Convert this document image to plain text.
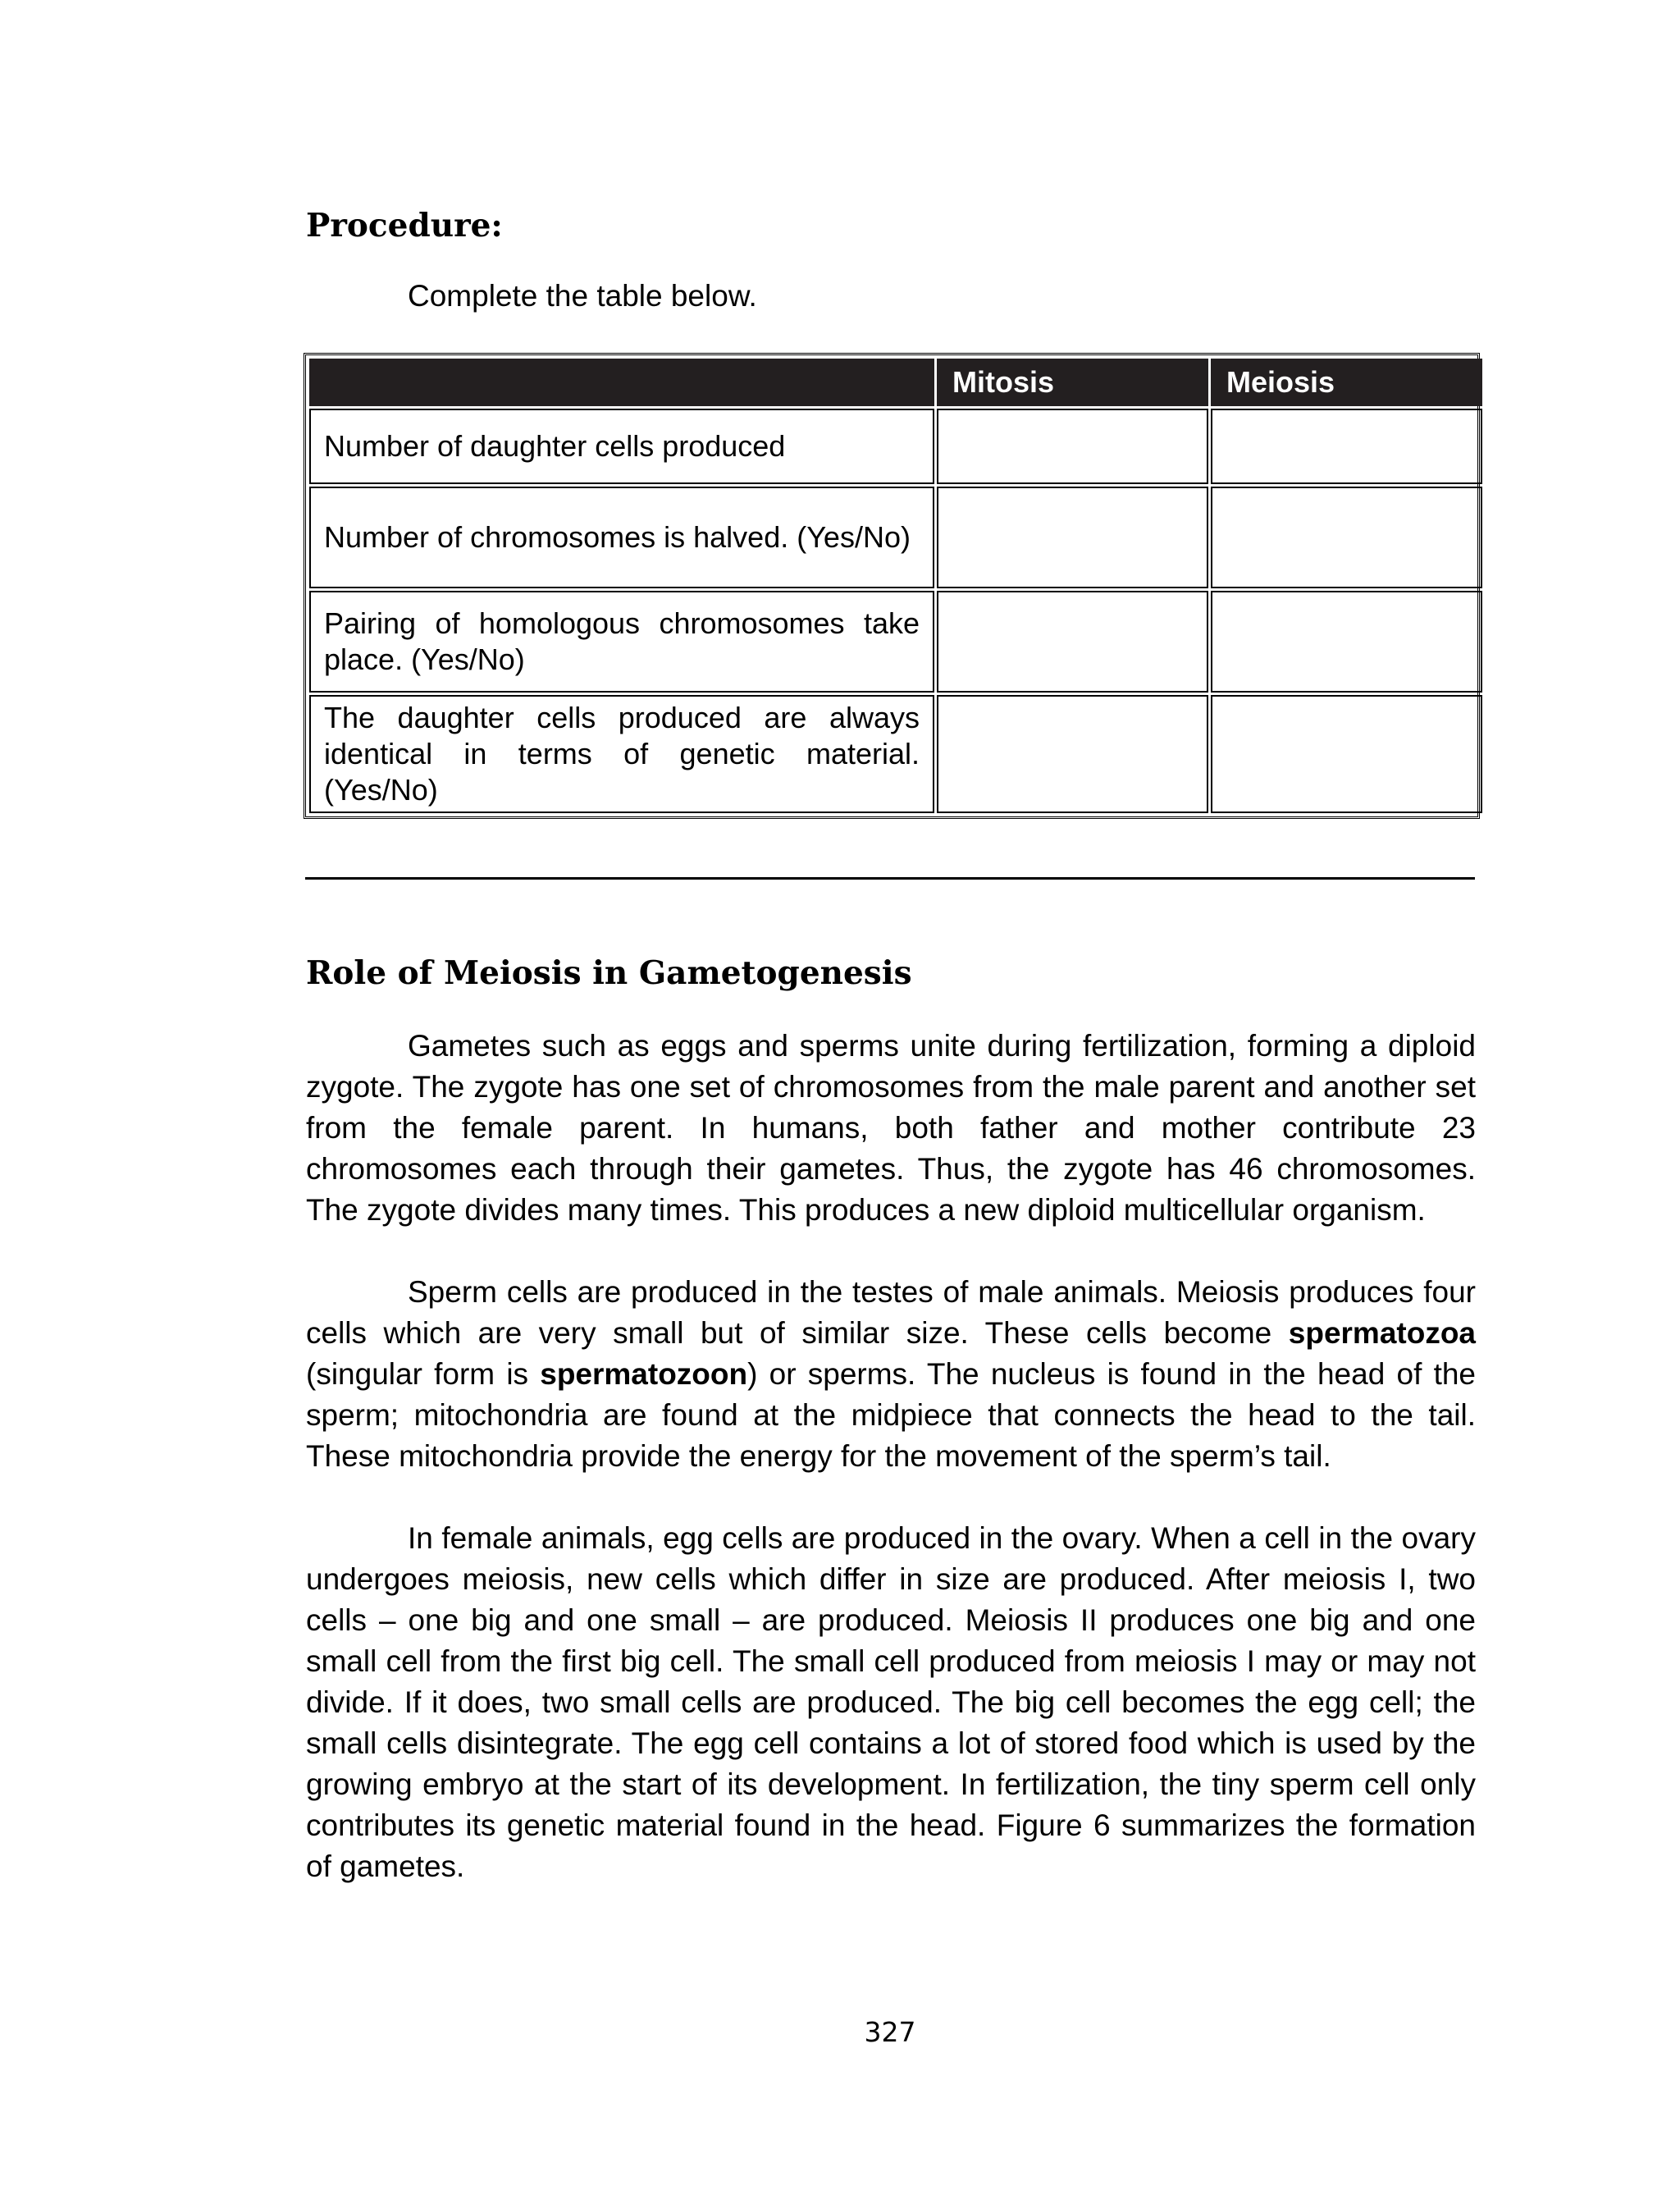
Procedure:

Complete the table below.

	Mitosis	Meiosis
Number of daughter cells produced		
Number of chromosomes is halved. (Yes/No)		
Pairing of homologous chromosomes take place. (Yes/No)		
The daughter cells produced are always identical in terms of genetic material. (Yes/No)		
Role of Meiosis in Gametogenesis

Gametes such as eggs and sperms unite during fertilization, forming a diploid zygote. The zygote has one set of chromosomes from the male parent and another set from the female parent. In humans, both father and mother contribute 23 chromosomes each through their gametes. Thus, the zygote has 46 chromosomes. The zygote divides many times. This produces a new diploid multicellular organism.

Sperm cells are produced in the testes of male animals. Meiosis produces four cells which are very small but of similar size. These cells become spermatozoa (singular form is spermatozoon) or sperms. The nucleus is found in the head of the sperm; mitochondria are found at the midpiece that connects the head to the tail. These mitochondria provide the energy for the movement of the sperm’s tail.

In female animals, egg cells are produced in the ovary. When a cell in the ovary undergoes meiosis, new cells which differ in size are produced. After meiosis I, two cells – one big and one small – are produced. Meiosis II produces one big and one small cell from the first big cell. The small cell produced from meiosis I may or may not divide. If it does, two small cells are produced. The big cell becomes the egg cell; the small cells disintegrate. The egg cell contains a lot of stored food which is used by the growing embryo at the start of its development. In fertilization, the tiny sperm cell only contributes its genetic material found in the head. Figure 6 summarizes the formation of gametes.

327
